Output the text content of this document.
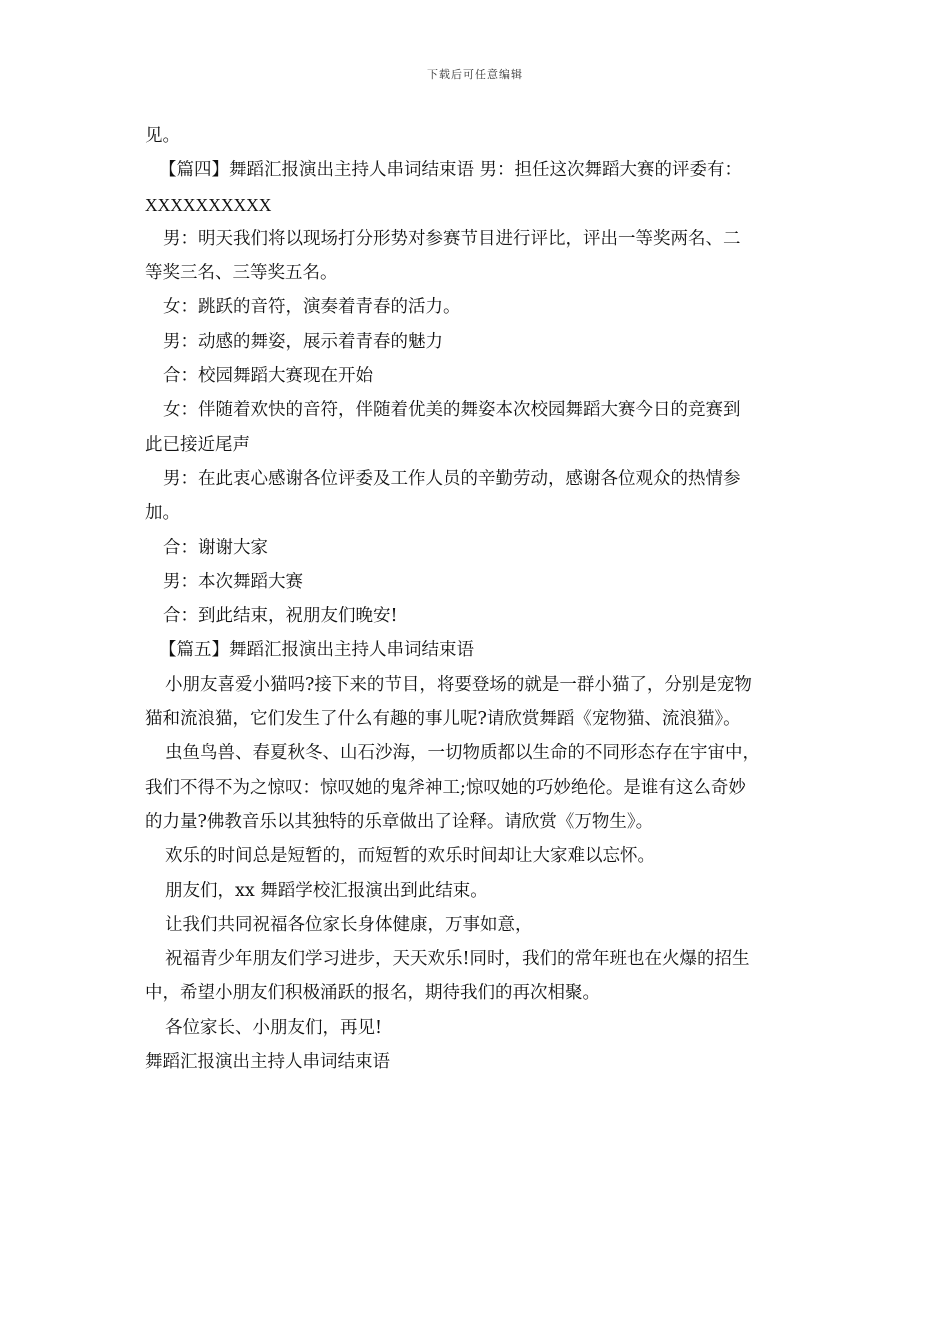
下载后可任意编辑
见。
【篇四】舞蹈汇报演出主持人串词结束语 男：担任这次舞蹈大赛的评委有：
XXXXXXXXXX
男：明天我们将以现场打分形势对参赛节目进行评比，评出一等奖两名、二
等奖三名、三等奖五名。
女：跳跃的音符，演奏着青春的活力。
男：动感的舞姿，展示着青春的魅力
合：校园舞蹈大赛现在开始
女：伴随着欢快的音符，伴随着优美的舞姿本次校园舞蹈大赛今日的竞赛到
此已接近尾声
男：在此衷心感谢各位评委及工作人员的辛勤劳动，感谢各位观众的热情参
加。
合：谢谢大家
男：本次舞蹈大赛
合：到此结束，祝朋友们晚安!
【篇五】舞蹈汇报演出主持人串词结束语
小朋友喜爱小猫吗?接下来的节目，将要登场的就是一群小猫了，分别是宠物
猫和流浪猫，它们发生了什么有趣的事儿呢?请欣赏舞蹈《宠物猫、流浪猫》。
虫鱼鸟兽、春夏秋冬、山石沙海，一切物质都以生命的不同形态存在宇宙中，
我们不得不为之惊叹：惊叹她的鬼斧神工;惊叹她的巧妙绝伦。是谁有这么奇妙
的力量?佛教音乐以其独特的乐章做出了诠释。请欣赏《万物生》。
欢乐的时间总是短暂的，而短暂的欢乐时间却让大家难以忘怀。
朋友们，xx 舞蹈学校汇报演出到此结束。
让我们共同祝福各位家长身体健康，万事如意，
祝福青少年朋友们学习进步，天天欢乐!同时，我们的常年班也在火爆的招生
中，希望小朋友们积极涌跃的报名，期待我们的再次相聚。
各位家长、小朋友们，再见!
舞蹈汇报演出主持人串词结束语
